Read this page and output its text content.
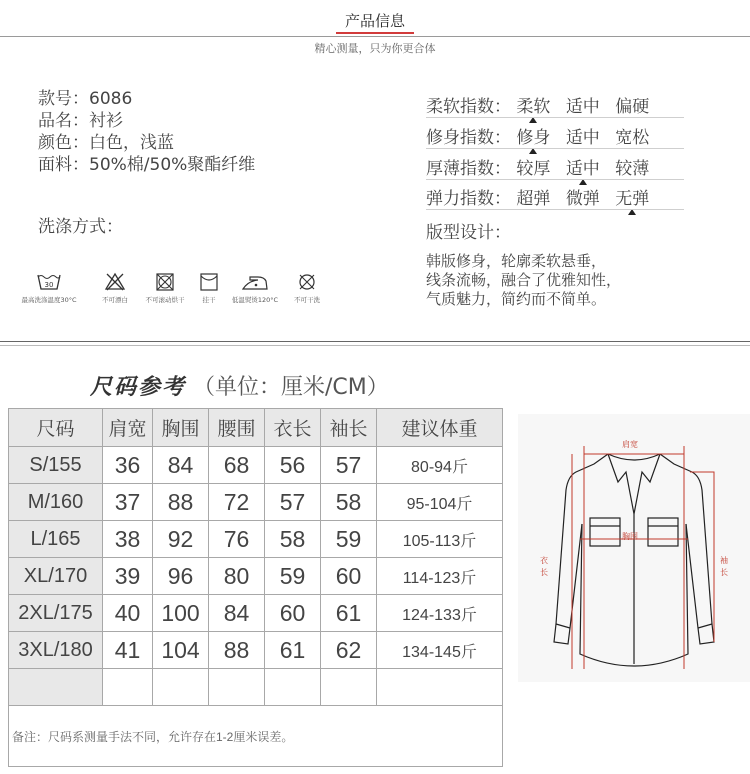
产品信息
精心测量，只为你更合体
款号：6086
品名：衬衫
颜色：白色，浅蓝
面料：50%棉/50%聚酯纤维
洗涤方式：
30
最高洗涤温度30°C	不可漂白	不可滚动烘干	挂干	低温熨烫120°C	不可干洗
柔软指数： 柔软 适中 偏硬
修身指数： 修身 适中 宽松
厚薄指数： 较厚 适中 较薄
弹力指数： 超弹 微弹 无弹
版型设计：
韩版修身，轮廓柔软悬垂，
线条流畅，融合了优雅知性，
气质魅力，简约而不简单。
尺码参考 （单位：厘米/CM）
尺码	肩宽	胸围	腰围	衣长	袖长	建议体重
S/155	36	84	68	56	57	80-94斤
M/160	37	88	72	57	58	95-104斤
L/165	38	92	76	58	59	105-113斤
XL/170	39	96	80	59	60	114-123斤
2XL/175	40	100	84	60	61	124-133斤
3XL/180	41	104	88	61	62	134-145斤

备注：尺码系测量手法不同，允许存在1-2厘米误差。						
肩宽
胸围
衣
长
袖
长
